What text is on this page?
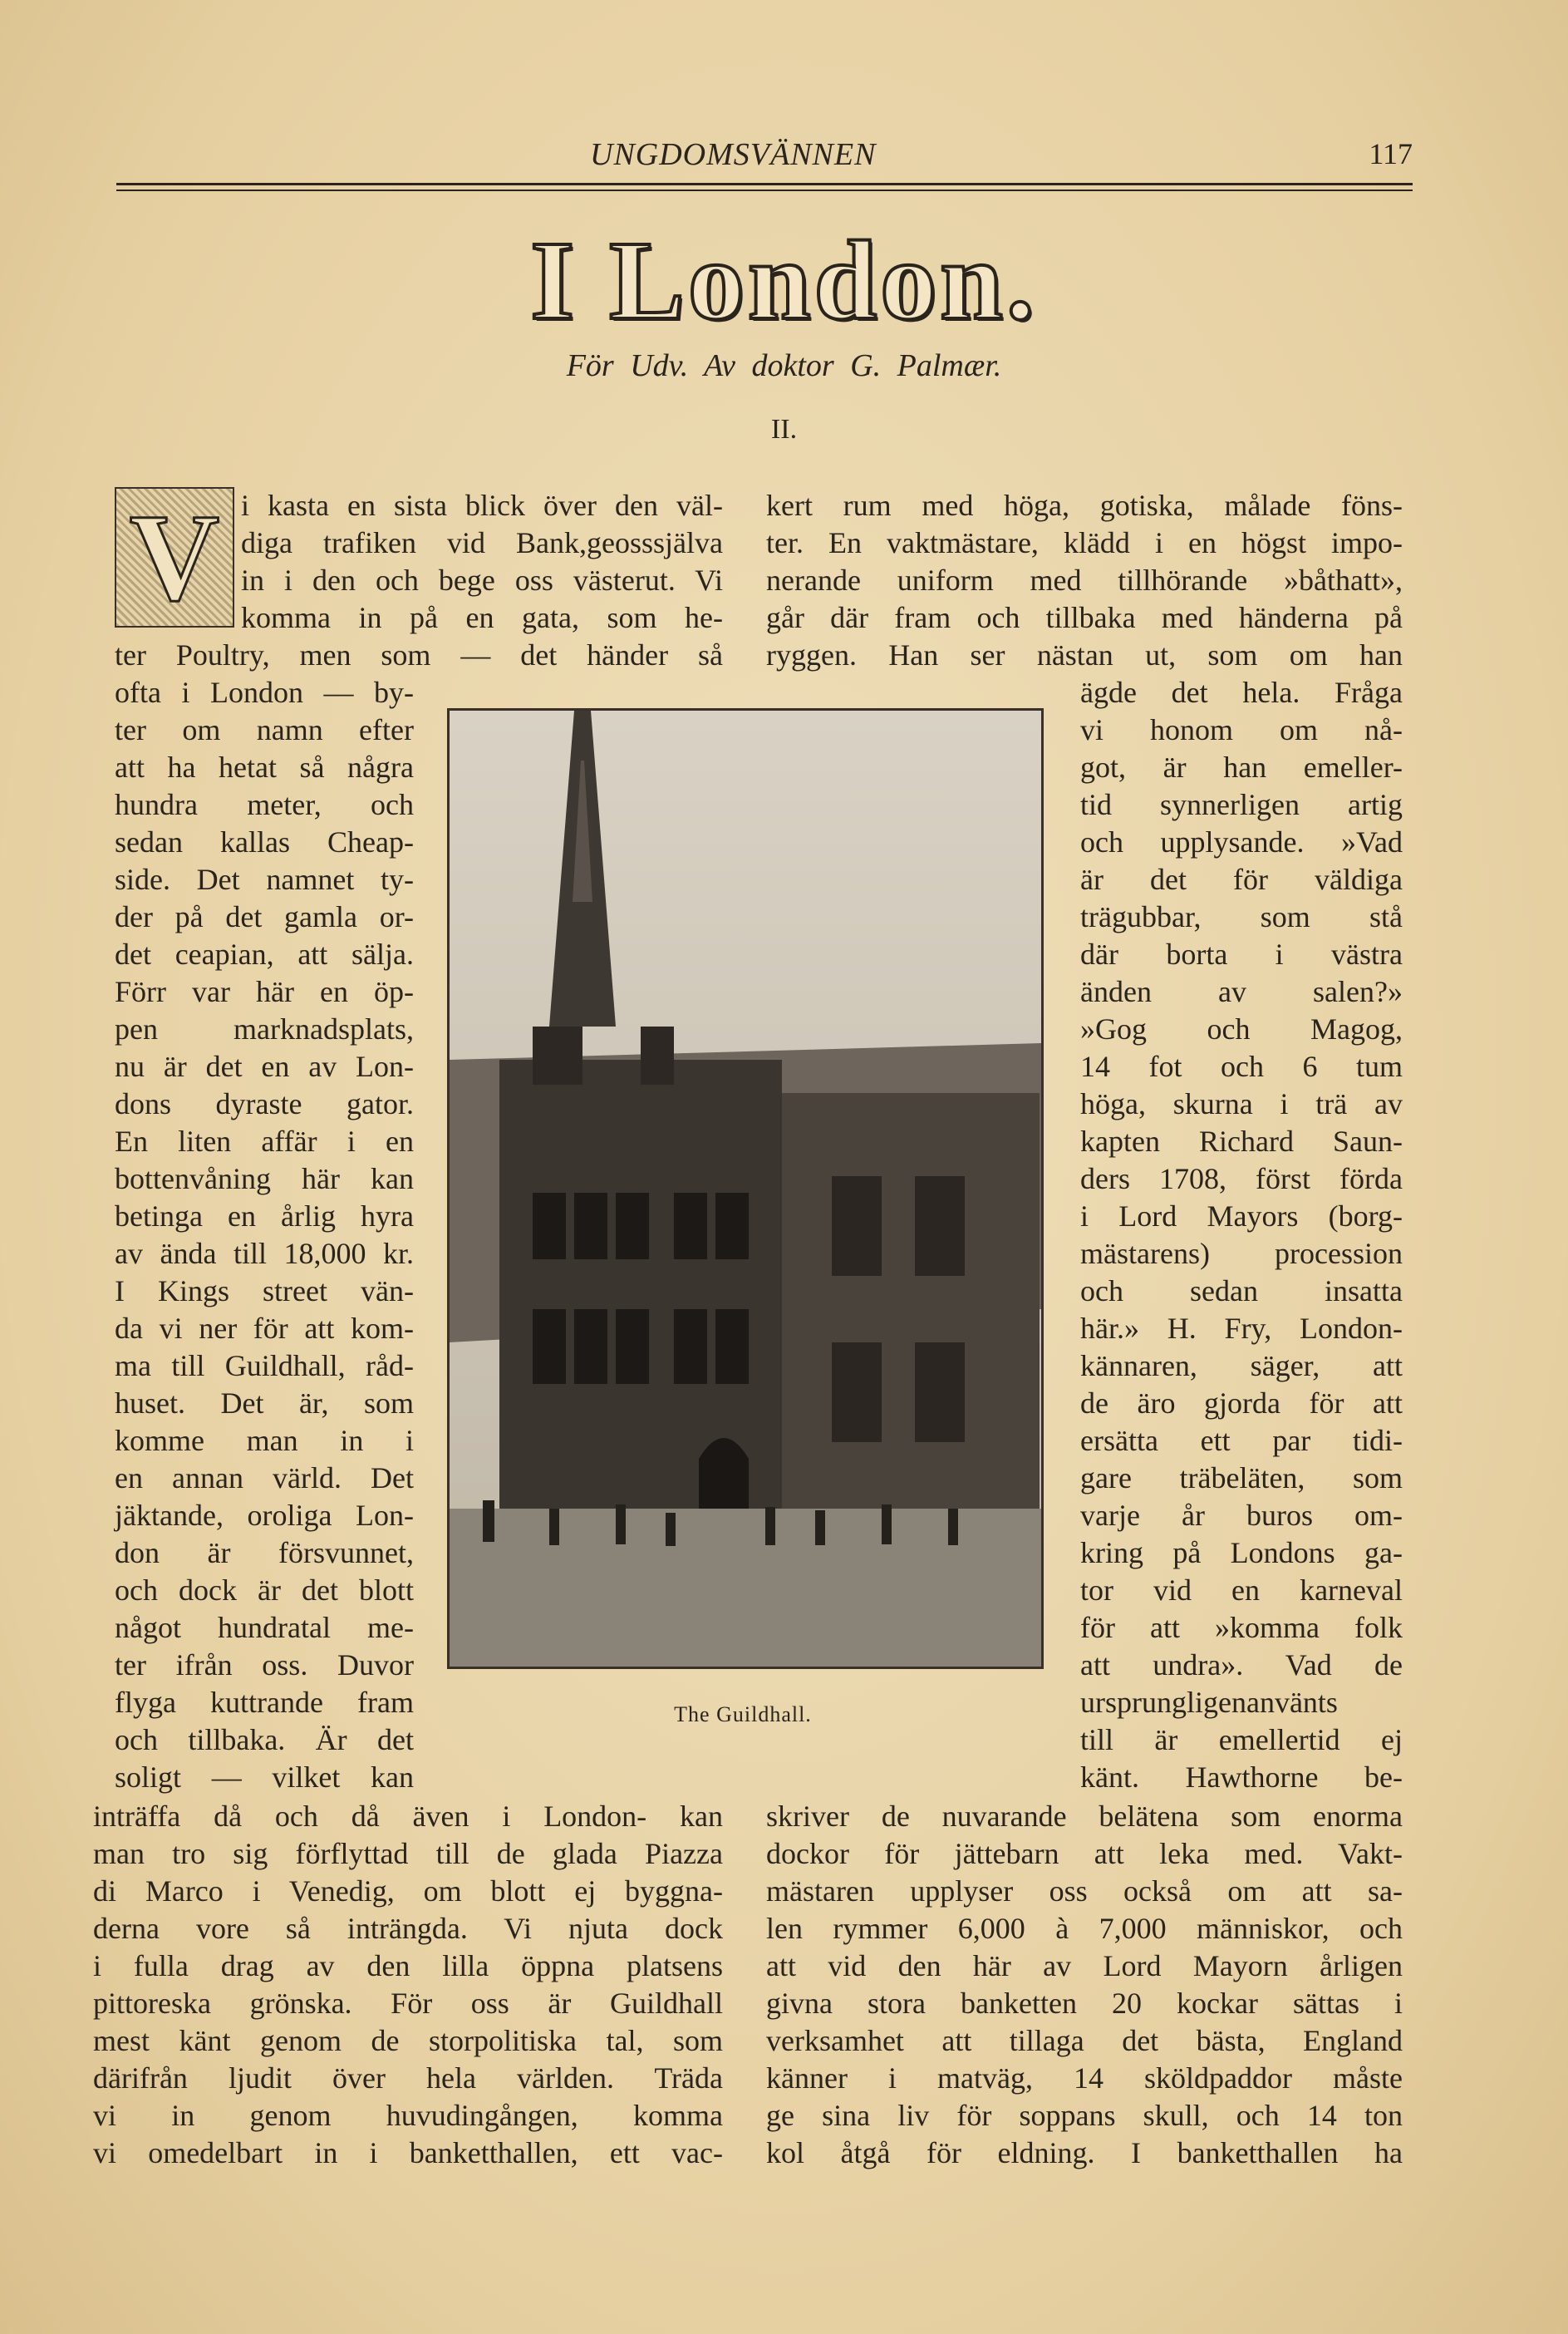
UNGDOMSVÄNNEN	117
I London.
För Udv. Av doktor G. Palmær.
II.
V i kasta en sista blick över den väl-
diga trafiken vid Bank,geosssjälva
in i den och bege oss västerut. Vi
komma in på en gata, som he-
ter Poultry, men som — det händer så
ofta i London — by-
ter om namn efter
att ha hetat så några
hundra meter, och
sedan kallas Cheap-
side. Det namnet ty-
der på det gamla or-
det ceapian, att sälja.
Förr var här en öp-
pen marknadsplats,
nu är det en av Lon-
dons dyraste gator.
En liten affär i en
bottenvåning här kan
betinga en årlig hyra
av ända till 18,000 kr.
I Kings street vän-
da vi ner för att kom-
ma till Guildhall, råd-
huset. Det är, som
komme man in i
en annan värld. Det
jäktande, oroliga Lon-
don är försvunnet,
och dock är det blott
något hundratal me-
ter ifrån oss. Duvor
flyga kuttrande fram
och tillbaka. Är det
soligt — vilket kan
inträffa då och då även i London- kan
man tro sig förflyttad till de glada Piazza
di Marco i Venedig, om blott ej byggna-
derna vore så inträngda. Vi njuta dock
i fulla drag av den lilla öppna platsens
pittoreska grönska. För oss är Guildhall
mest känt genom de storpolitiska tal, som
därifrån ljudit över hela världen. Träda
vi in genom huvudingången, komma
vi omedelbart in i banketthallen, ett vac-
kert rum med höga, gotiska, målade föns-
ter. En vaktmästare, klädd i en högst impo-
nerande uniform med tillhörande »båthatt»,
går där fram och tillbaka med händerna på
ryggen. Han ser nästan ut, som om han
ägde det hela. Fråga
vi honom om nå-
got, är han emeller-
tid synnerligen artig
och upplysande. »Vad
är det för väldiga
trägubbar, som stå
där borta i västra
änden av salen?»
»Gog och Magog,
14 fot och 6 tum
höga, skurna i trä av
kapten Richard Saun-
ders 1708, först förda
i Lord Mayors (borg-
mästarens) procession
och sedan insatta
här.» H. Fry, London-
kännaren, säger, att
de äro gjorda för att
ersätta ett par tidi-
gare träbeläten, som
varje år buros om-
kring på Londons ga-
tor vid en karneval
för att »komma folk
att undra». Vad de
ursprungligenanvänts
till är emellertid ej
känt. Hawthorne be-
skriver de nuvarande belätena som enorma
dockor för jättebarn att leka med. Vakt-
mästaren upplyser oss också om att sa-
len rymmer 6,000 à 7,000 människor, och
att vid den här av Lord Mayorn årligen
givna stora banketten 20 kockar sättas i
verksamhet att tillaga det bästa, England
känner i matväg, 14 sköldpaddor måste
ge sina liv för soppans skull, och 14 ton
kol åtgå för eldning. I banketthallen ha
The Guildhall.
